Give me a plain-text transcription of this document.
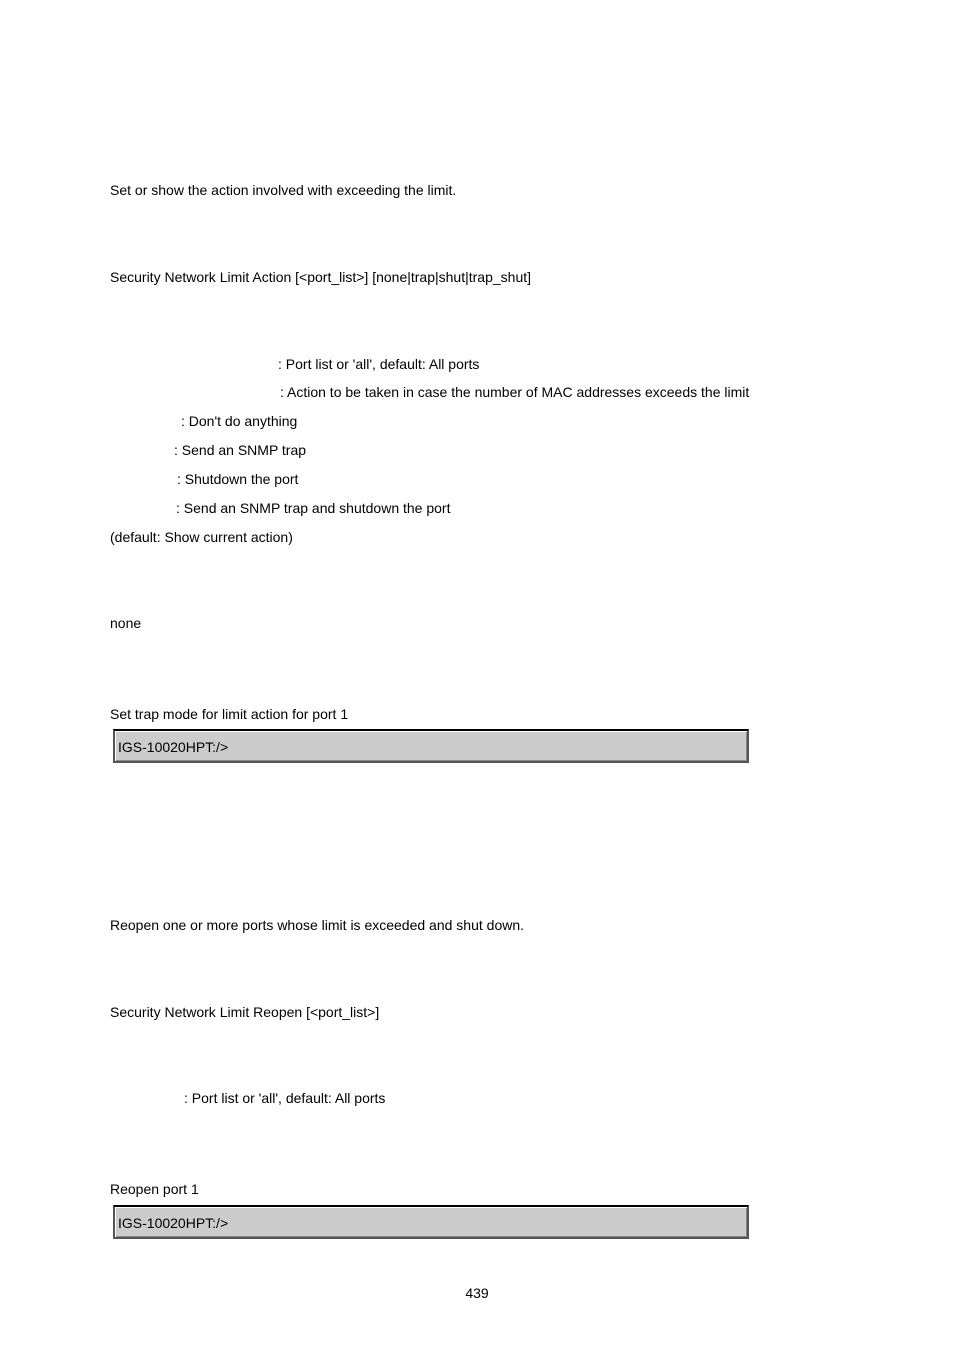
Set or show the action involved with exceeding the limit.
Security Network Limit Action [<port_list>] [none|trap|shut|trap_shut]
: Port list or 'all', default: All ports
: Action to be taken in case the number of MAC addresses exceeds the limit
: Don't do anything
: Send an SNMP trap
: Shutdown the port
: Send an SNMP trap and shutdown the port
(default: Show current action)
none
Set trap mode for limit action for port 1
IGS-10020HPT:/>
Reopen one or more ports whose limit is exceeded and shut down.
Security Network Limit Reopen [<port_list>]
: Port list or 'all', default: All ports
Reopen port 1
IGS-10020HPT:/>
439
